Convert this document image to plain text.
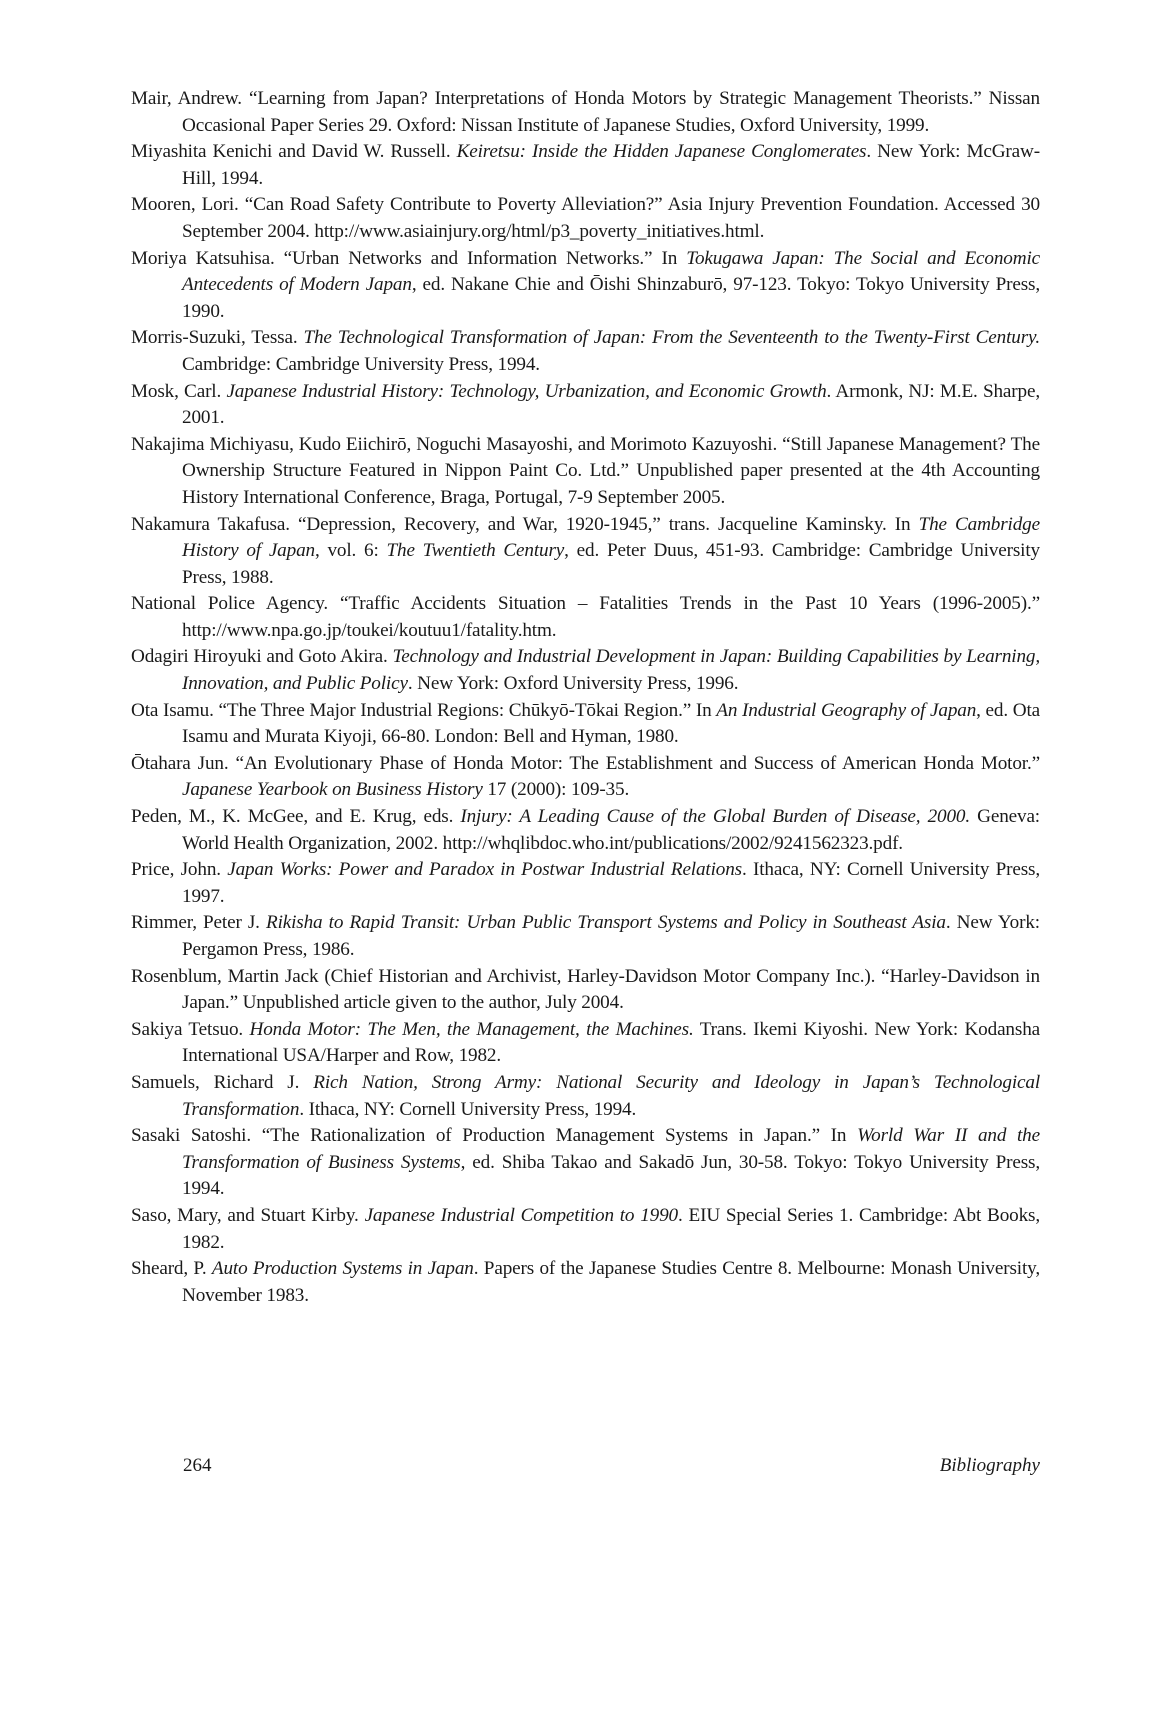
Mair, Andrew. “Learning from Japan? Interpretations of Honda Motors by Strategic Management Theorists.” Nissan Occasional Paper Series 29. Oxford: Nissan Institute of Japanese Studies, Oxford University, 1999.
Miyashita Kenichi and David W. Russell. Keiretsu: Inside the Hidden Japanese Conglomerates. New York: McGraw-Hill, 1994.
Mooren, Lori. “Can Road Safety Contribute to Poverty Alleviation?” Asia Injury Prevention Foundation. Accessed 30 September 2004. http://www.asiainjury.org/html/p3_poverty_initiatives.html.
Moriya Katsuhisa. “Urban Networks and Information Networks.” In Tokugawa Japan: The Social and Economic Antecedents of Modern Japan, ed. Nakane Chie and Ōishi Shinzaburō, 97-123. Tokyo: Tokyo University Press, 1990.
Morris-Suzuki, Tessa. The Technological Transformation of Japan: From the Seventeenth to the Twenty-First Century. Cambridge: Cambridge University Press, 1994.
Mosk, Carl. Japanese Industrial History: Technology, Urbanization, and Economic Growth. Armonk, NJ: M.E. Sharpe, 2001.
Nakajima Michiyasu, Kudo Eiichirō, Noguchi Masayoshi, and Morimoto Kazuyoshi. “Still Japanese Management? The Ownership Structure Featured in Nippon Paint Co. Ltd.” Unpublished paper presented at the 4th Accounting History International Conference, Braga, Portugal, 7-9 September 2005.
Nakamura Takafusa. “Depression, Recovery, and War, 1920-1945,” trans. Jacqueline Kaminsky. In The Cambridge History of Japan, vol. 6: The Twentieth Century, ed. Peter Duus, 451-93. Cambridge: Cambridge University Press, 1988.
National Police Agency. “Traffic Accidents Situation – Fatalities Trends in the Past 10 Years (1996-2005).” http://www.npa.go.jp/toukei/koutuu1/fatality.htm.
Odagiri Hiroyuki and Goto Akira. Technology and Industrial Development in Japan: Building Capabilities by Learning, Innovation, and Public Policy. New York: Oxford University Press, 1996.
Ota Isamu. “The Three Major Industrial Regions: Chūkyō-Tōkai Region.” In An Industrial Geography of Japan, ed. Ota Isamu and Murata Kiyoji, 66-80. London: Bell and Hyman, 1980.
Ōtahara Jun. “An Evolutionary Phase of Honda Motor: The Establishment and Success of American Honda Motor.” Japanese Yearbook on Business History 17 (2000): 109-35.
Peden, M., K. McGee, and E. Krug, eds. Injury: A Leading Cause of the Global Burden of Disease, 2000. Geneva: World Health Organization, 2002. http://whqlibdoc.who.int/publications/2002/9241562323.pdf.
Price, John. Japan Works: Power and Paradox in Postwar Industrial Relations. Ithaca, NY: Cornell University Press, 1997.
Rimmer, Peter J. Rikisha to Rapid Transit: Urban Public Transport Systems and Policy in Southeast Asia. New York: Pergamon Press, 1986.
Rosenblum, Martin Jack (Chief Historian and Archivist, Harley-Davidson Motor Company Inc.). “Harley-Davidson in Japan.” Unpublished article given to the author, July 2004.
Sakiya Tetsuo. Honda Motor: The Men, the Management, the Machines. Trans. Ikemi Kiyoshi. New York: Kodansha International USA/Harper and Row, 1982.
Samuels, Richard J. Rich Nation, Strong Army: National Security and Ideology in Japan’s Technological Transformation. Ithaca, NY: Cornell University Press, 1994.
Sasaki Satoshi. “The Rationalization of Production Management Systems in Japan.” In World War II and the Transformation of Business Systems, ed. Shiba Takao and Sakadō Jun, 30-58. Tokyo: Tokyo University Press, 1994.
Saso, Mary, and Stuart Kirby. Japanese Industrial Competition to 1990. EIU Special Series 1. Cambridge: Abt Books, 1982.
Sheard, P. Auto Production Systems in Japan. Papers of the Japanese Studies Centre 8. Melbourne: Monash University, November 1983.
264	Bibliography
